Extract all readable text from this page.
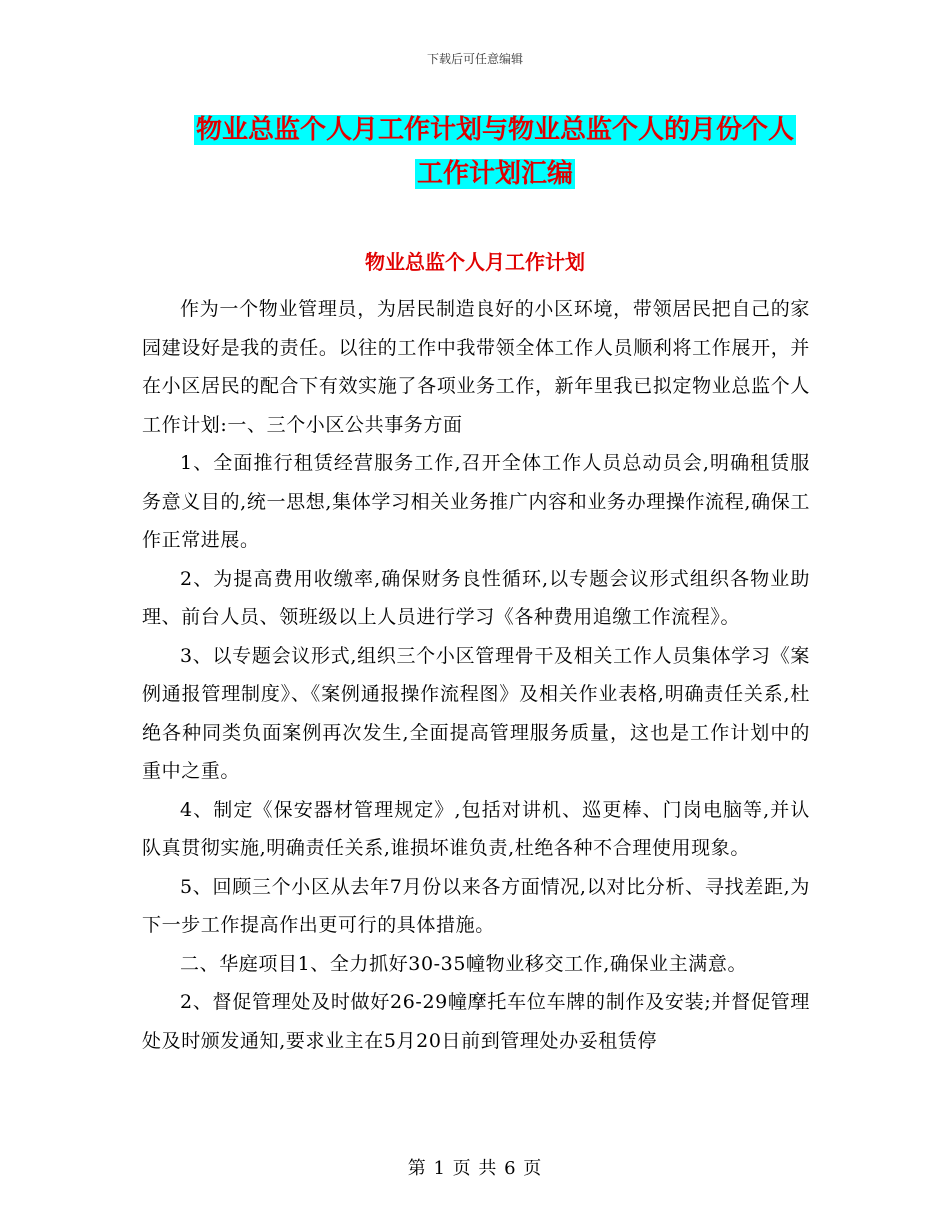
下载后可任意编辑
物业总监个人月工作计划与物业总监个人的月份个人
工作计划汇编
物业总监个人月工作计划

作为一个物业管理员，为居民制造良好的小区环境，带领居民把自己的家园建设好是我的责任。以往的工作中我带领全体工作人员顺利将工作展开，并在小区居民的配合下有效实施了各项业务工作，新年里我已拟定物业总监个人工作计划:一、三个小区公共事务方面

1、全面推行租赁经营服务工作,召开全体工作人员总动员会,明确租赁服务意义目的,统一思想,集体学习相关业务推广内容和业务办理操作流程,确保工作正常进展。

2、为提高费用收缴率,确保财务良性循环,以专题会议形式组织各物业助理、前台人员、领班级以上人员进行学习《各种费用追缴工作流程》。

3、以专题会议形式,组织三个小区管理骨干及相关工作人员集体学习《案例通报管理制度》、《案例通报操作流程图》及相关作业表格,明确责任关系,杜绝各种同类负面案例再次发生,全面提高管理服务质量，这也是工作计划中的重中之重。

4、制定《保安器材管理规定》,包括对讲机、巡更棒、门岗电脑等,并认队真贯彻实施,明确责任关系,谁损坏谁负责,杜绝各种不合理使用现象。

5、回顾三个小区从去年7月份以来各方面情况,以对比分析、寻找差距,为下一步工作提高作出更可行的具体措施。

二、华庭项目1、全力抓好30-35幢物业移交工作,确保业主满意。

2、督促管理处及时做好26-29幢摩托车位车牌的制作及安装;并督促管理处及时颁发通知,要求业主在5月20日前到管理处办妥租赁停

第 1 页 共 6 页
